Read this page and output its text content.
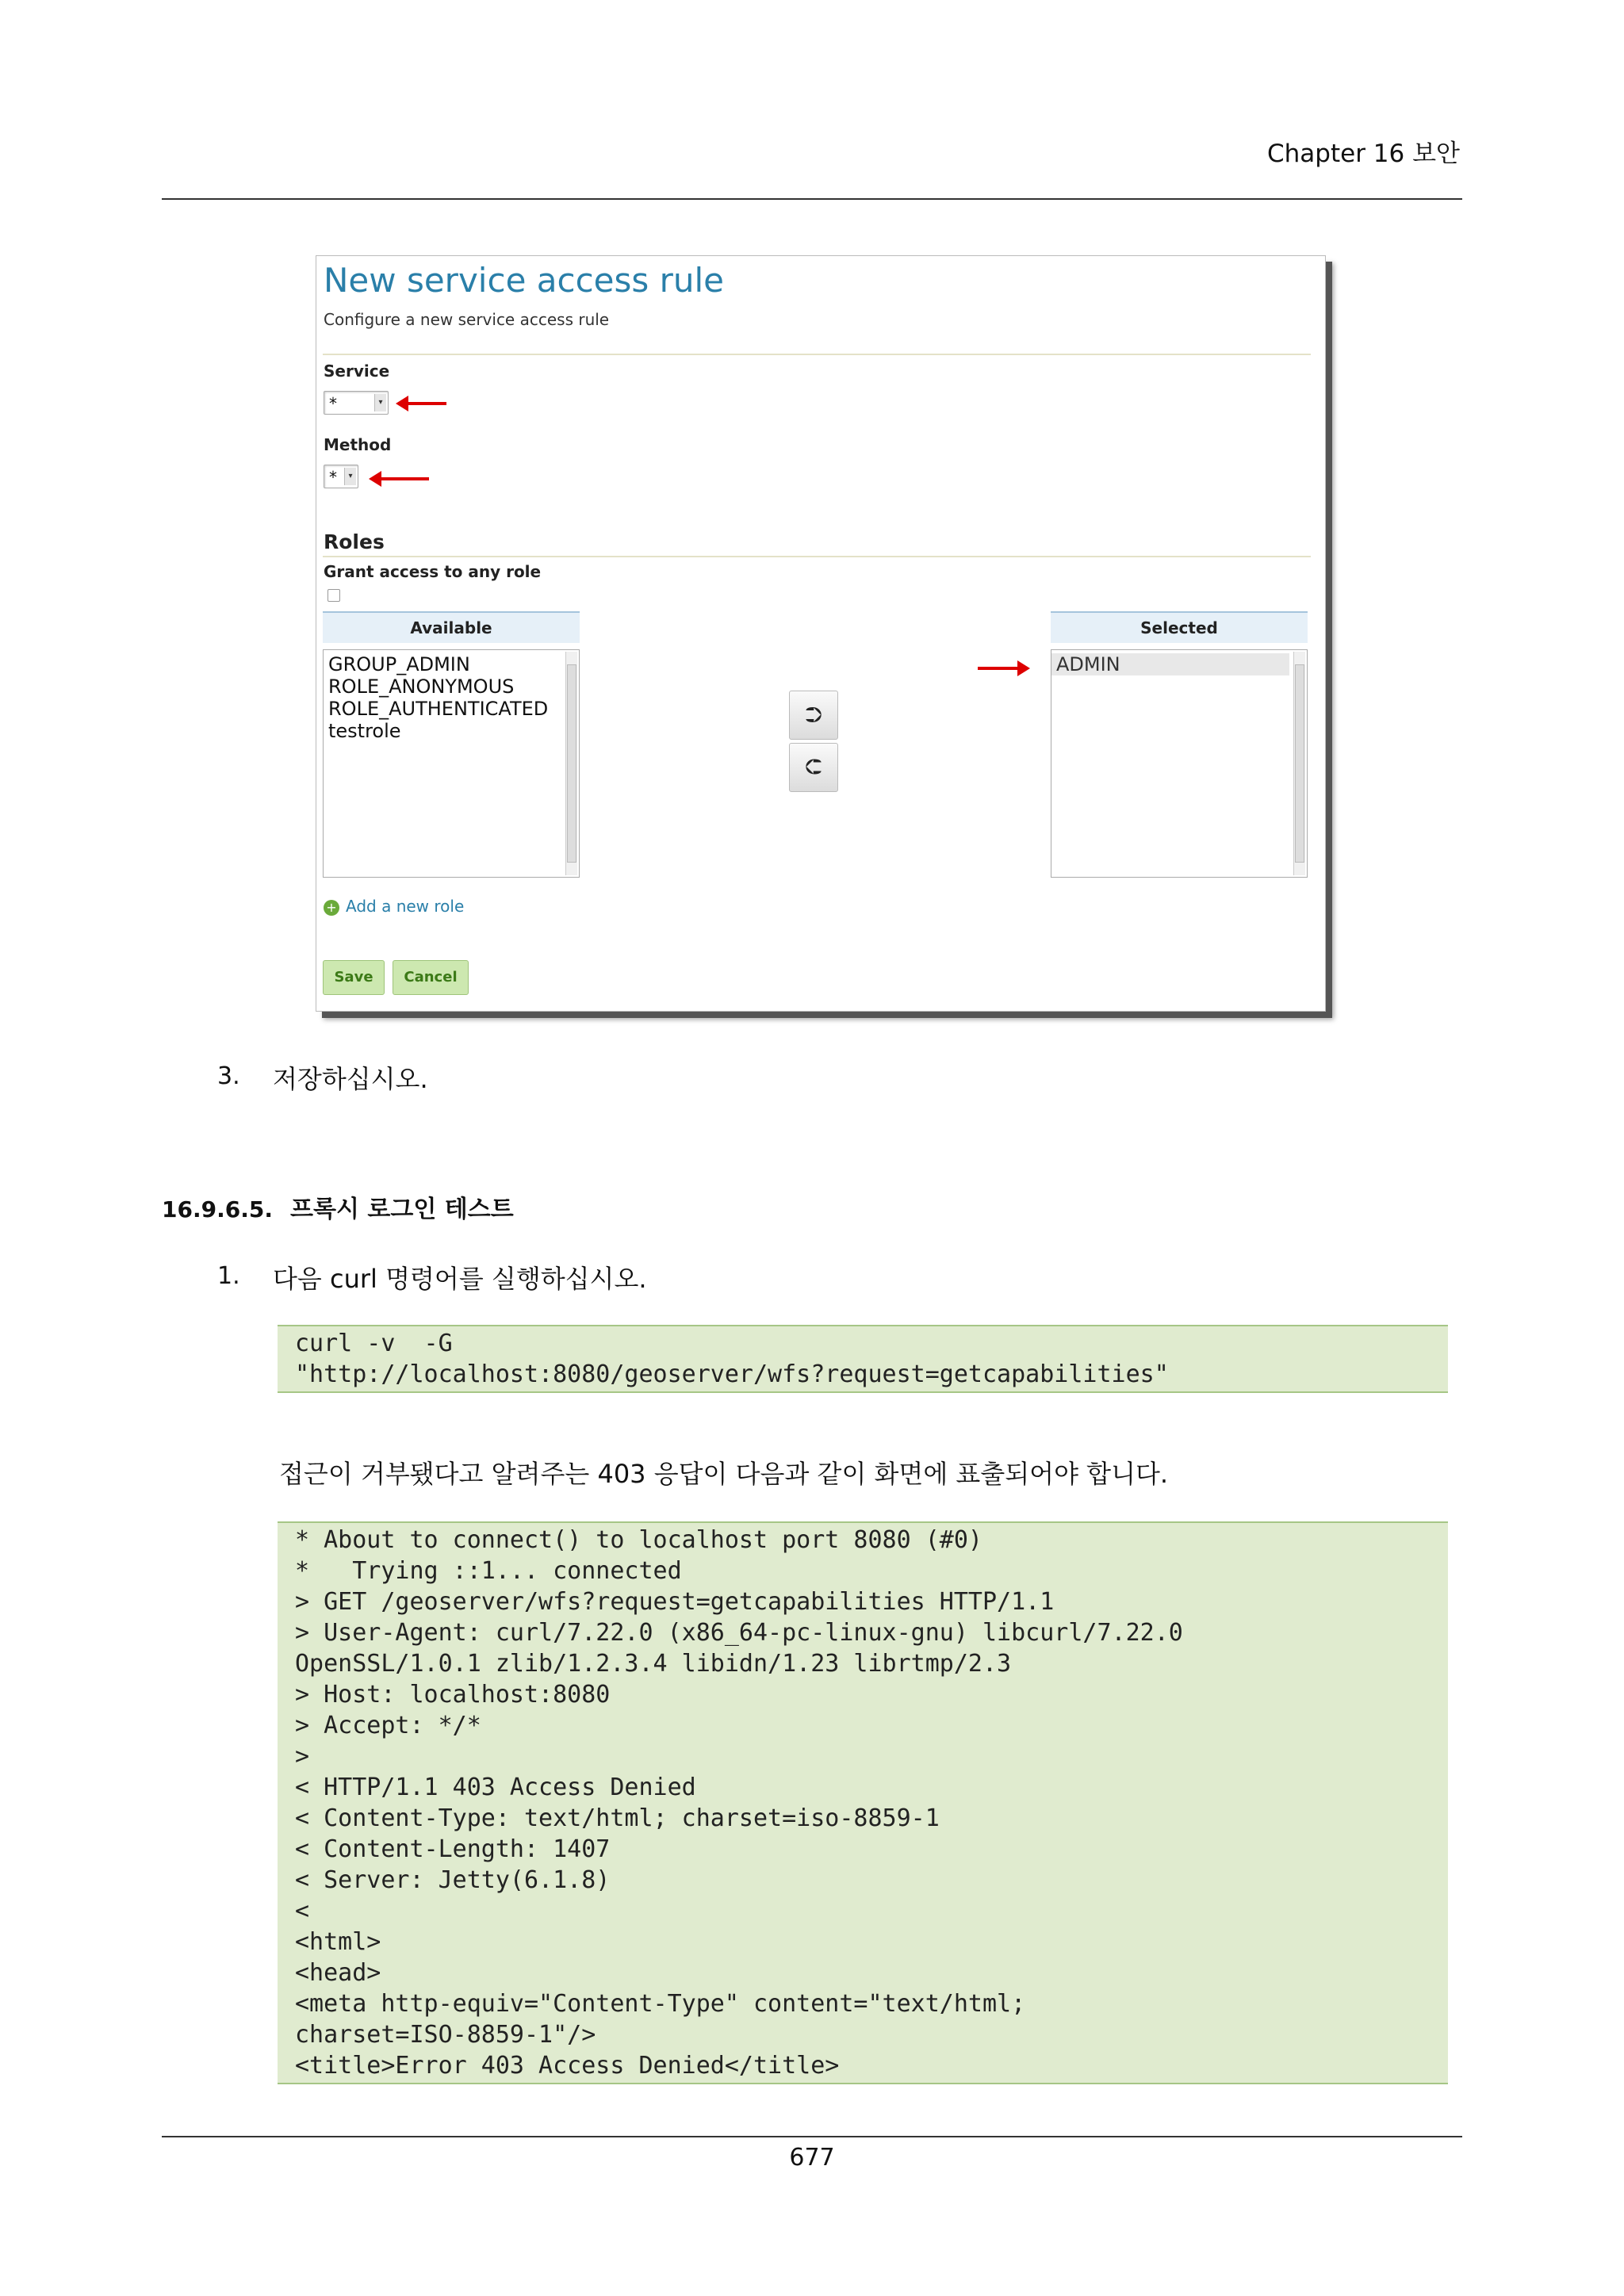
Chapter 16 보안
New service access rule
Configure a new service access rule
Service
*	▾
Method
*	▾
Roles
Grant access to any role
Available	Selected
GROUP_ADMIN
ROLE_ANONYMOUS
ROLE_AUTHENTICATED
testrole
⮊
⮈
ADMIN
+ Add a new role
Save	Cancel
3. 저장하십시오.
16.9.6.5. 프록시 로그인 테스트
1. 다음 curl 명령어를 실행하십시오.
curl -v  -G
"http://localhost:8080/geoserver/wfs?request=getcapabilities"
접근이 거부됐다고 알려주는 403 응답이 다음과 같이 화면에 표출되어야 합니다.
* About to connect() to localhost port 8080 (#0)
*   Trying ::1... connected
> GET /geoserver/wfs?request=getcapabilities HTTP/1.1
> User-Agent: curl/7.22.0 (x86_64-pc-linux-gnu) libcurl/7.22.0
OpenSSL/1.0.1 zlib/1.2.3.4 libidn/1.23 librtmp/2.3
> Host: localhost:8080
> Accept: */*
>
< HTTP/1.1 403 Access Denied
< Content-Type: text/html; charset=iso-8859-1
< Content-Length: 1407
< Server: Jetty(6.1.8)
<
<html>
<head>
<meta http-equiv="Content-Type" content="text/html;
charset=ISO-8859-1"/>
<title>Error 403 Access Denied</title>
677
